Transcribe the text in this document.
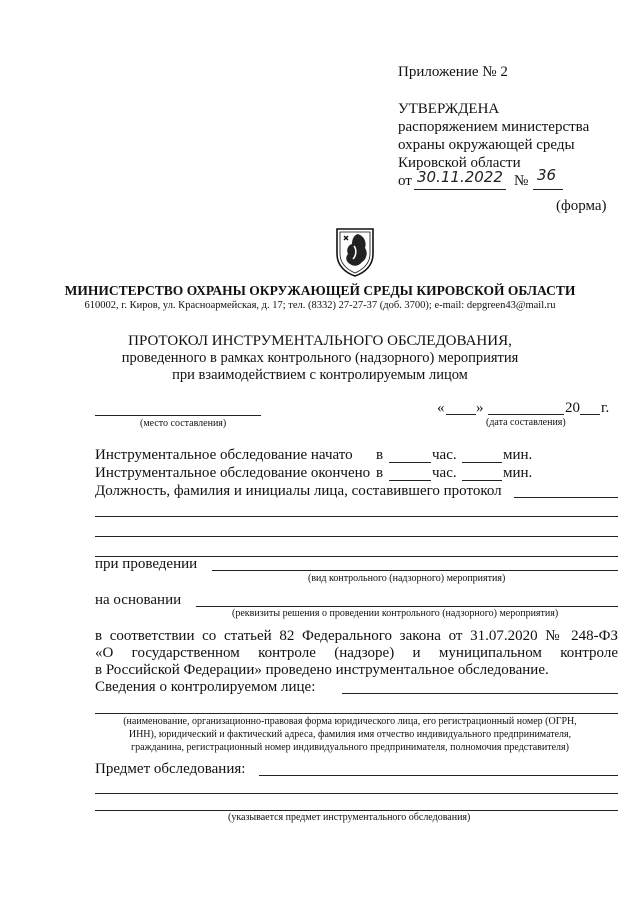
Приложение № 2
УТВЕРЖДЕНА
распоряжением министерства
охраны окружающей среды
Кировской области
от 30.11.2022 № 36
(форма)
МИНИСТЕРСТВО ОХРАНЫ ОКРУЖАЮЩЕЙ СРЕДЫ КИРОВСКОЙ ОБЛАСТИ
610002, г. Киров, ул. Красноармейская, д. 17; тел. (8332) 27-27-37 (доб. 3700); e-mail: depgreen43@mail.ru
ПРОТОКОЛ ИНСТРУМЕНТАЛЬНОГО ОБСЛЕДОВАНИЯ,
проведенного в рамках контрольного (надзорного) мероприятия
при взаимодействием с контролируемым лицом
(место составления)
« »	20 г.
(дата составления)
Инструментальное обследование начато в	час.	мин.
Инструментальное обследование окончено в	час.	мин.
Должность, фамилия и инициалы лица, составившего протокол
при проведении
(вид контрольного (надзорного) мероприятия)
на основании
(реквизиты решения о проведении контрольного (надзорного) мероприятия)
в соответствии со статьей 82 Федерального закона от 31.07.2020 № 248-ФЗ
«О государственном контроле (надзоре) и муниципальном контроле
в Российской Федерации» проведено инструментальное обследование.
Сведения о контролируемом лице:
(наименование, организационно-правовая форма юридического лица, его регистрационный номер (ОГРН,
ИНН), юридический и фактический адреса, фамилия имя отчество индивидуального предпринимателя,
гражданина, регистрационный номер индивидуального предпринимателя, полномочия представителя)
Предмет обследования:
(указывается предмет инструментального обследования)
